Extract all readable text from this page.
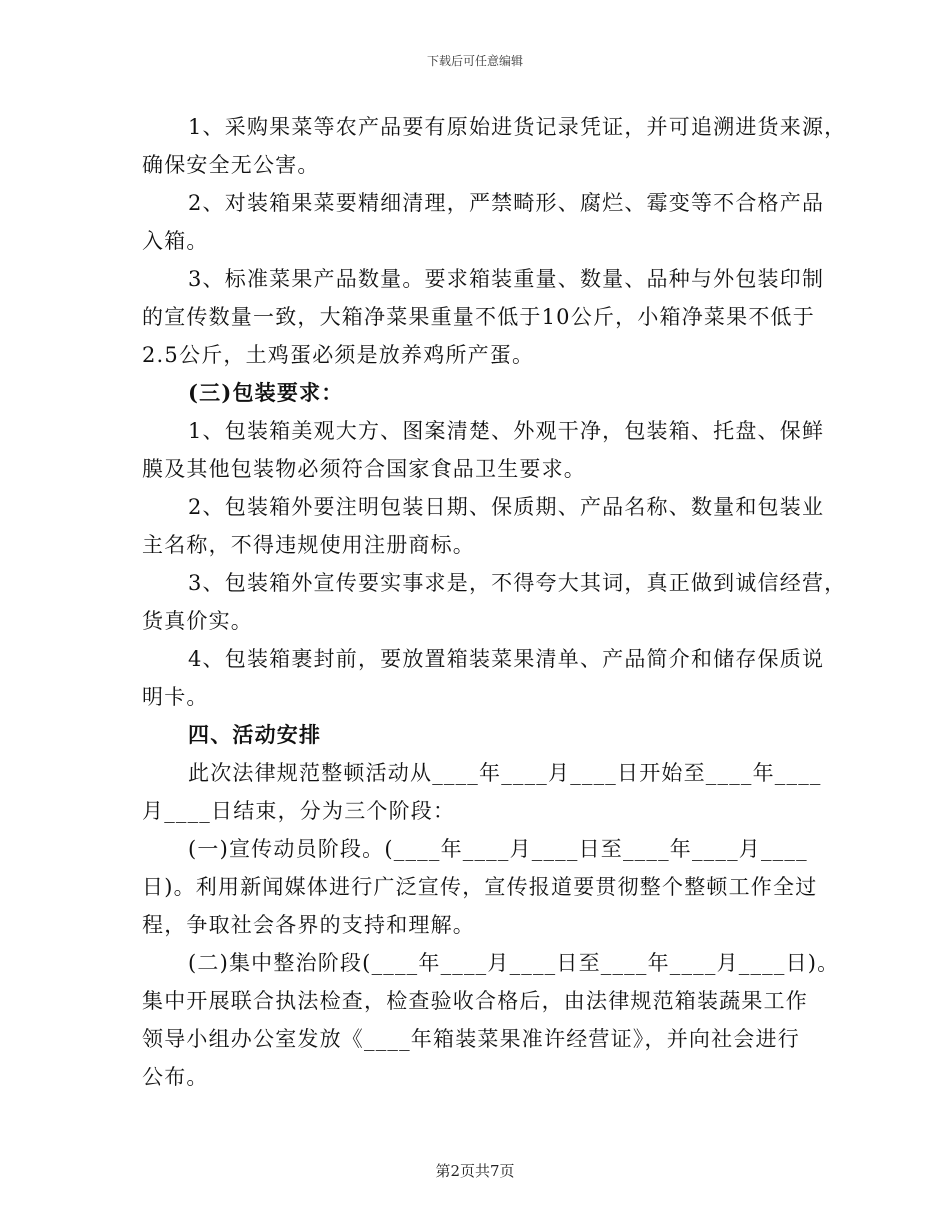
下载后可任意编辑
1、采购果菜等农产品要有原始进货记录凭证，并可追溯进货来源，
确保安全无公害。
2、对装箱果菜要精细清理，严禁畸形、腐烂、霉变等不合格产品
入箱。
3、标准菜果产品数量。要求箱装重量、数量、品种与外包装印制
的宣传数量一致，大箱净菜果重量不低于10公斤，小箱净菜果不低于
2.5公斤，土鸡蛋必须是放养鸡所产蛋。
(三)包装要求：
1、包装箱美观大方、图案清楚、外观干净，包装箱、托盘、保鲜
膜及其他包装物必须符合国家食品卫生要求。
2、包装箱外要注明包装日期、保质期、产品名称、数量和包装业
主名称，不得违规使用注册商标。
3、包装箱外宣传要实事求是，不得夸大其词，真正做到诚信经营，
货真价实。
4、包装箱裹封前，要放置箱装菜果清单、产品简介和储存保质说
明卡。
四、活动安排
此次法律规范整顿活动从____年____月____日开始至____年____
月____日结束，分为三个阶段：
(一)宣传动员阶段。(____年____月____日至____年____月____
日)。利用新闻媒体进行广泛宣传，宣传报道要贯彻整个整顿工作全过
程，争取社会各界的支持和理解。
(二)集中整治阶段(____年____月____日至____年____月____日)。
集中开展联合执法检查，检查验收合格后，由法律规范箱装蔬果工作
领导小组办公室发放《____年箱装菜果准许经营证》，并向社会进行
公布。
第2页共7页
